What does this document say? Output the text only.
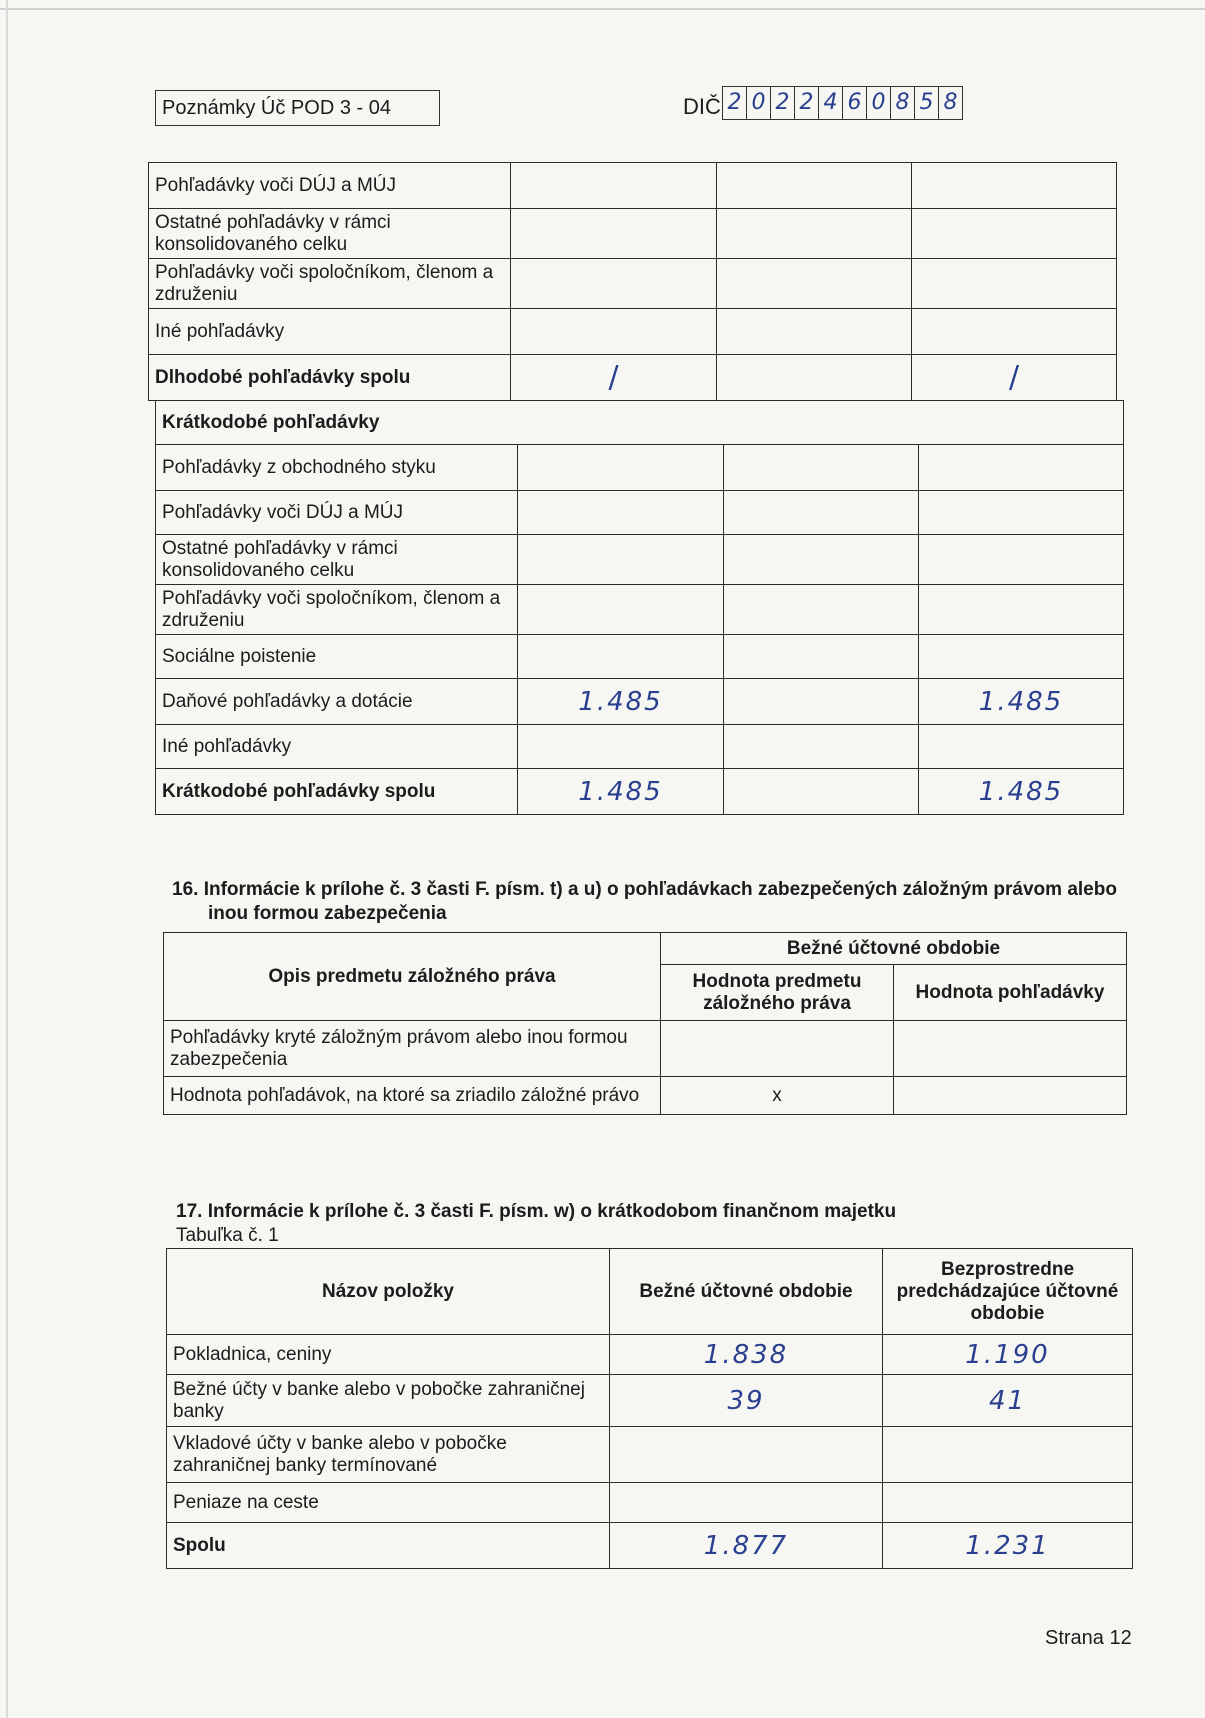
Poznámky Úč POD 3 - 04	DIČ 2 0 2 2 4 6 0 8 5 8
Pohľadávky voči DÚJ a MÚJ			
Ostatné pohľadávky v rámci konsolidovaného celku			
Pohľadávky voči spoločníkom, členom a združeniu			
Iné pohľadávky			
Dlhodobé pohľadávky spolu	/		/
Krátkodobé pohľadávky			
Pohľadávky z obchodného styku			
Pohľadávky voči DÚJ a MÚJ			
Ostatné pohľadávky v rámci konsolidovaného celku			
Pohľadávky voči spoločníkom, členom a združeniu			
Sociálne poistenie			
Daňové pohľadávky a dotácie	1.485		1.485
Iné pohľadávky			
Krátkodobé pohľadávky spolu	1.485		1.485
16. Informácie k prílohe č. 3 časti F. písm. t) a u) o pohľadávkach zabezpečených záložným právom alebo
inou formou zabezpečenia
Opis predmetu záložného práva	Bežné účtovné obdobie	
	Hodnota predmetu záložného práva	Hodnota pohľadávky
Pohľadávky kryté záložným právom alebo inou formou zabezpečenia		
Hodnota pohľadávok, na ktoré sa zriadilo záložné právo	x	
17. Informácie k prílohe č. 3 časti F. písm. w) o krátkodobom finančnom majetku
Tabuľka č. 1
Názov položky	Bežné účtovné obdobie	Bezprostredne predchádzajúce účtovné obdobie
Pokladnica, ceniny	1.838	1.190
Bežné účty v banke alebo v pobočke zahraničnej banky	39	41
Vkladové účty v banke alebo v pobočke zahraničnej banky termínované		
Peniaze na ceste		
Spolu	1.877	1.231
Strana 12
